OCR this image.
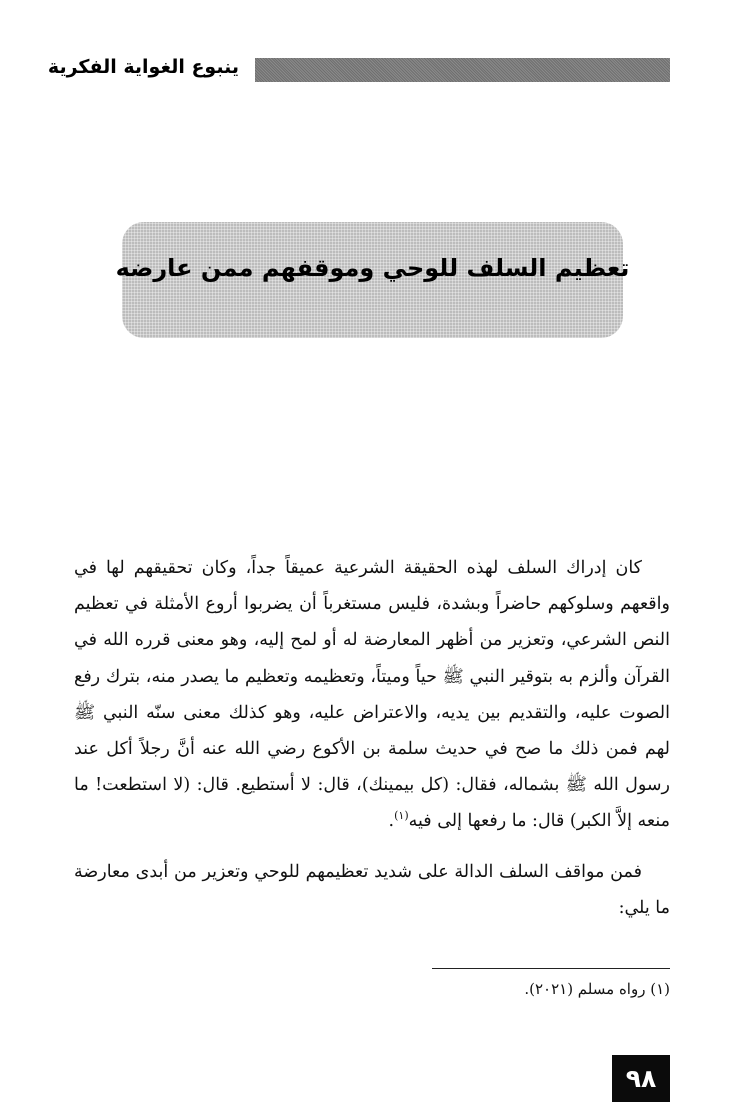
ينبوع الغواية الفكرية
تعظيم السلف للوحي وموقفهم ممن عارضه

كان إدراك السلف لهذه الحقيقة الشرعية عميقاً جداً، وكان تحقيقهم لها في واقعهم وسلوكهم حاضراً وبشدة، فليس مستغرباً أن يضربوا أروع الأمثلة في تعظيم النص الشرعي، وتعزير من أظهر المعارضة له أو لمح إليه، وهو معنى قرره الله في القرآن وألزم به بتوقير النبي ﷺ حياً وميتاً، وتعظيمه وتعظيم ما يصدر منه، بترك رفع الصوت عليه، والتقديم بين يديه، والاعتراض عليه، وهو كذلك معنى سنّه النبي ﷺ لهم فمن ذلك ما صح في حديث سلمة بن الأكوع رضي الله عنه أنَّ رجلاً أكل عند رسول الله ﷺ بشماله، فقال: (كل بيمينك)، قال: لا أستطيع. قال: (لا استطعت! ما منعه إلاَّ الكبر) قال: ما رفعها إلى فيه$^{(١)}$.

فمن مواقف السلف الدالة على شديد تعظيمهم للوحي وتعزير من أبدى معارضة ما يلي:

(١) رواه مسلم (٢٠٢١).
٩٨
